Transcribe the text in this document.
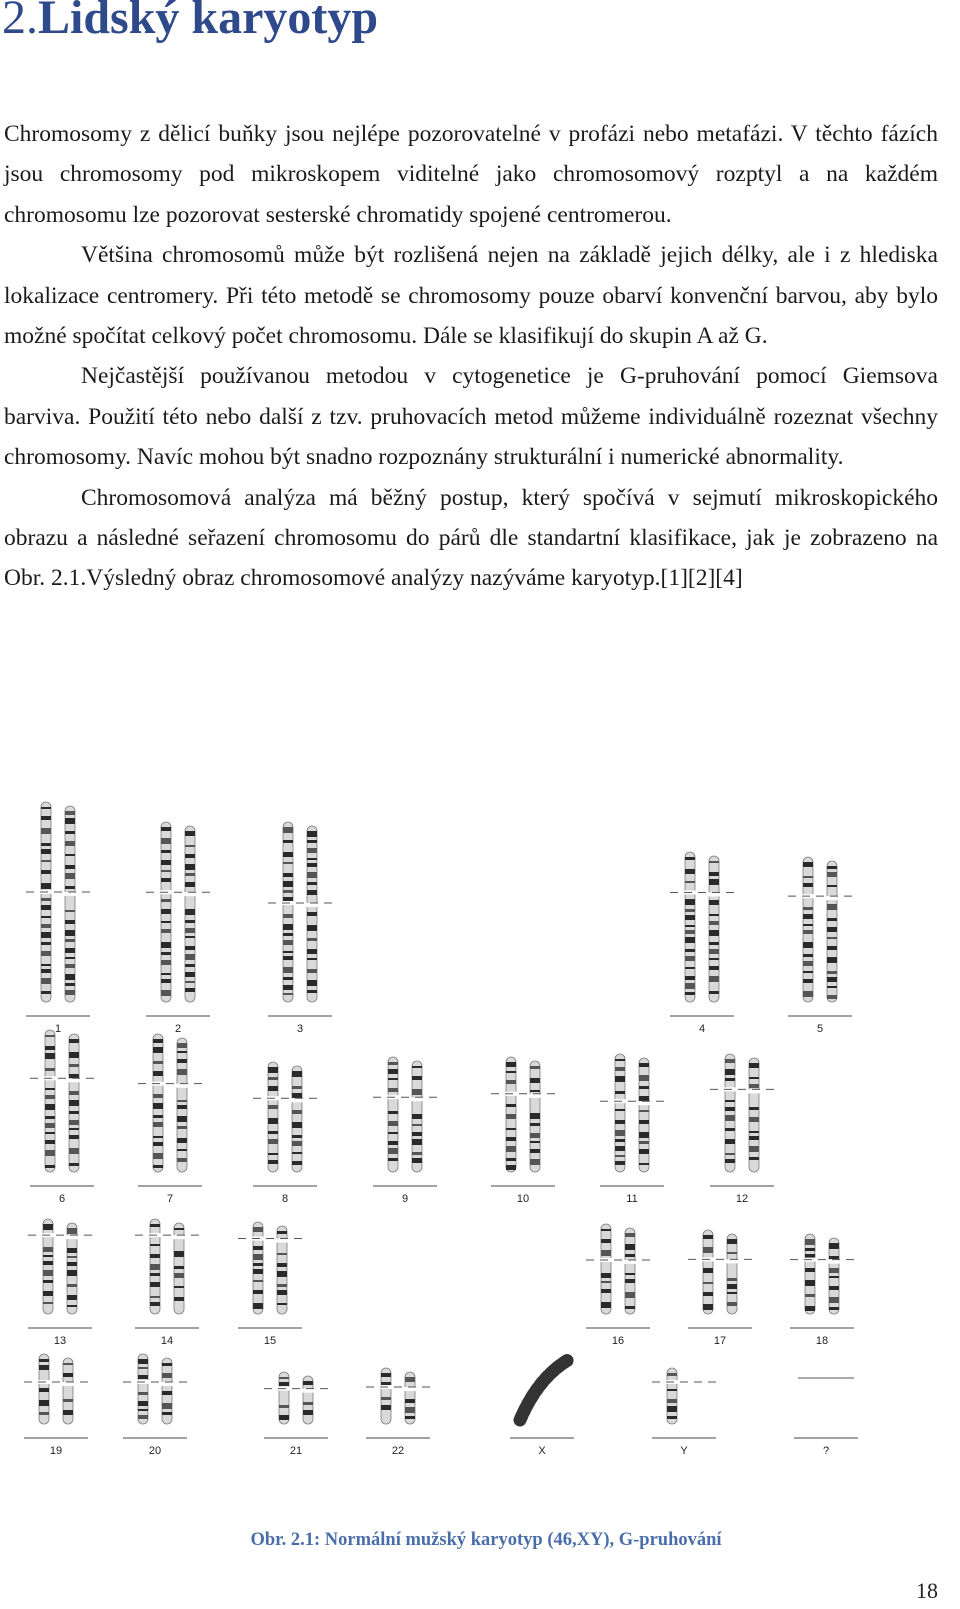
2.Lidský karyotyp

Chromosomy z dělicí buňky jsou nejlépe pozorovatelné v profázi nebo metafázi. V těchto fázích jsou chromosomy pod mikroskopem viditelné jako chromosomový rozptyl a na každém chromosomu lze pozorovat sesterské chromatidy spojené centromerou.

Většina chromosomů může být rozlišená nejen na základě jejich délky, ale i z hlediska lokalizace centromery. Při této metodě se chromosomy pouze obarví konvenční barvou, aby bylo možné spočítat celkový počet chromosomu. Dále se klasifikují do skupin A až G.

Nejčastější používanou metodou v cytogenetice je G-pruhování pomocí Giemsova barviva. Použití této nebo další z tzv. pruhovacích metod můžeme individuálně rozeznat všechny chromosomy. Navíc mohou být snadno rozpoznány strukturální i numerické abnormality.

Chromosomová analýza má běžný postup, který spočívá v sejmutí mikroskopického obrazu a následné seřazení chromosomu do párů dle standartní klasifikace, jak je zobrazeno na Obr. 2.1.Výsledný obraz chromosomové analýzy nazýváme karyotyp.[1][2][4]

1	2	3	4	5
6	7	8	9	10	11	12
13	14	15	16	17	18
19	20	21	22	X	Y	?
Obr. 2.1: Normální mužský karyotyp (46,XY), G-pruhování
18
